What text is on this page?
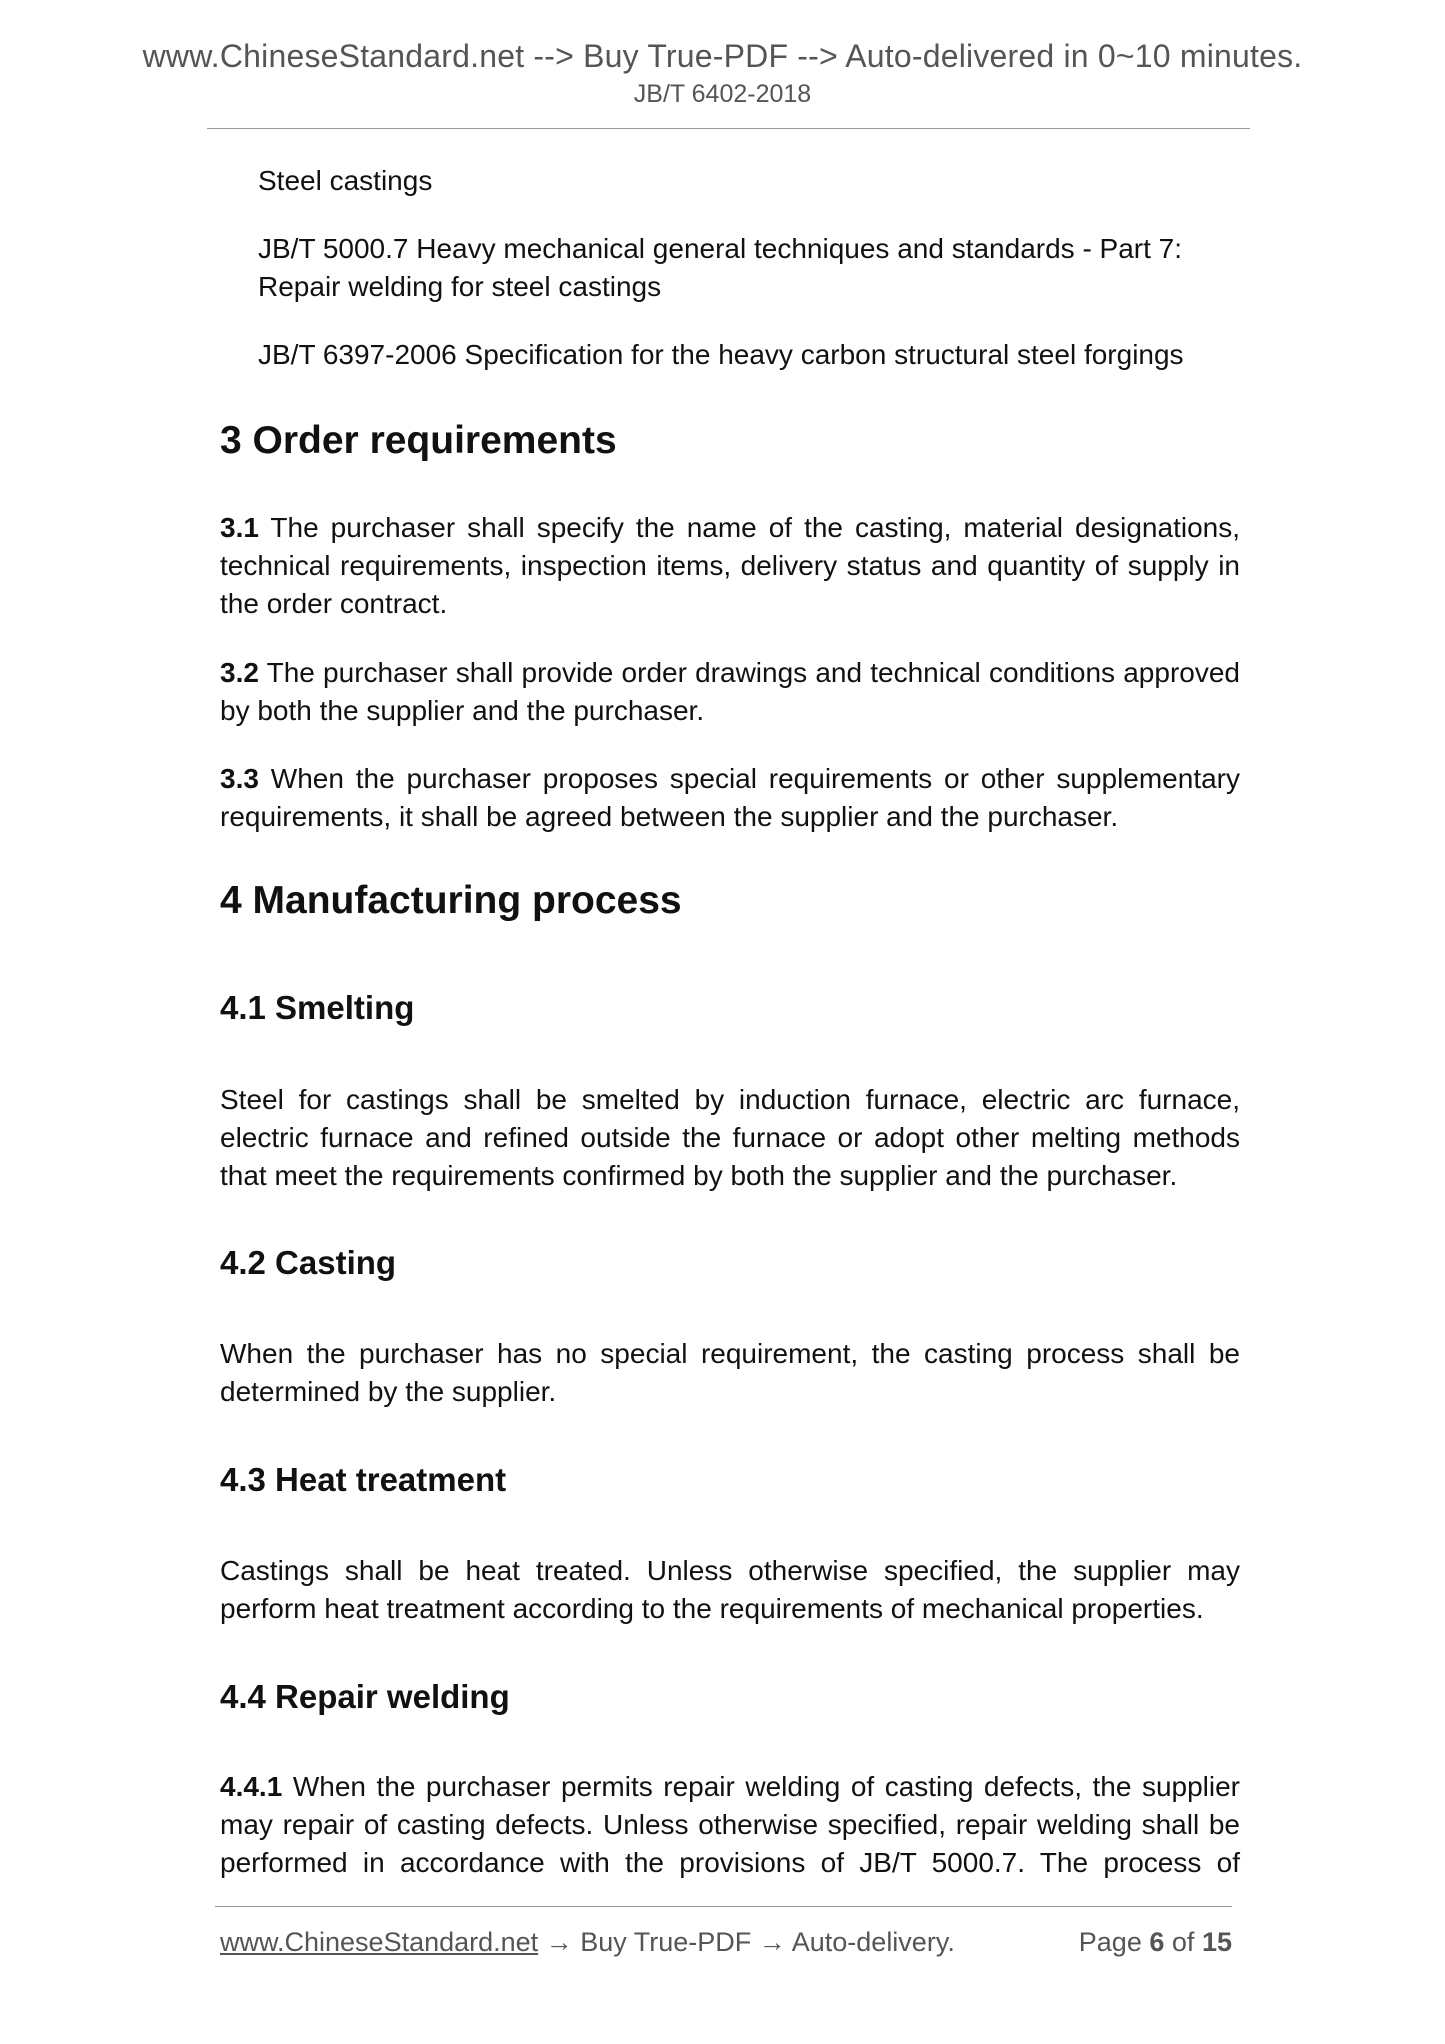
www.ChineseStandard.net --> Buy True-PDF --> Auto-delivered in 0~10 minutes.
JB/T 6402-2018
Steel castings
JB/T 5000.7 Heavy mechanical general techniques and standards - Part 7: Repair welding for steel castings
JB/T 6397-2006 Specification for the heavy carbon structural steel forgings
3 Order requirements
3.1 The purchaser shall specify the name of the casting, material designations, technical requirements, inspection items, delivery status and quantity of supply in the order contract.
3.2 The purchaser shall provide order drawings and technical conditions approved by both the supplier and the purchaser.
3.3 When the purchaser proposes special requirements or other supplementary requirements, it shall be agreed between the supplier and the purchaser.
4 Manufacturing process
4.1 Smelting
Steel for castings shall be smelted by induction furnace, electric arc furnace, electric furnace and refined outside the furnace or adopt other melting methods that meet the requirements confirmed by both the supplier and the purchaser.
4.2 Casting
When the purchaser has no special requirement, the casting process shall be determined by the supplier.
4.3 Heat treatment
Castings shall be heat treated. Unless otherwise specified, the supplier may perform heat treatment according to the requirements of mechanical properties.
4.4 Repair welding
4.4.1 When the purchaser permits repair welding of casting defects, the supplier may repair of casting defects. Unless otherwise specified, repair welding shall be performed in accordance with the provisions of JB/T 5000.7. The process of
www.ChineseStandard.net → Buy True-PDF → Auto-delivery.	Page 6 of 15
